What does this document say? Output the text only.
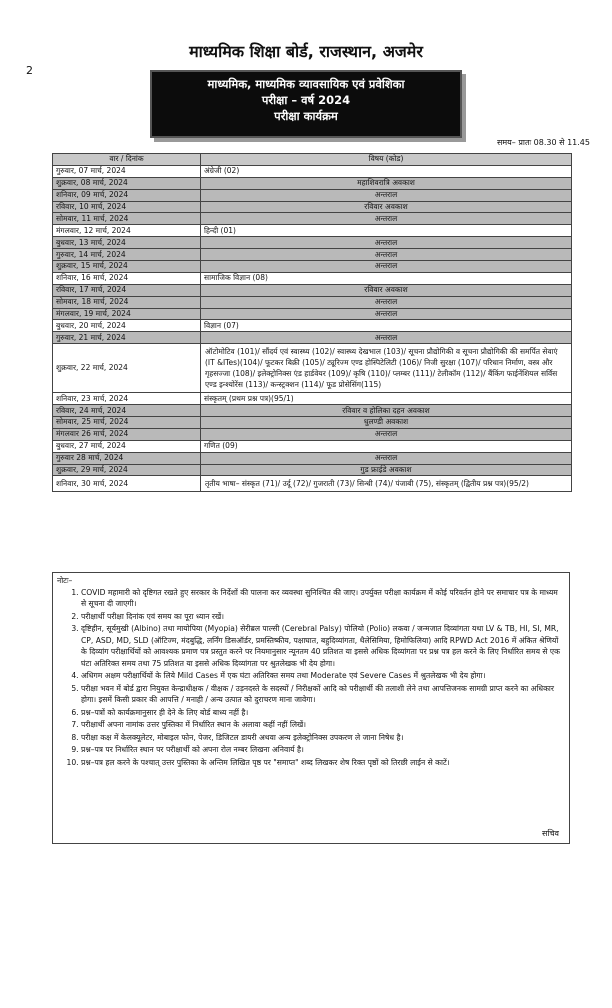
माध्यमिक शिक्षा बोर्ड, राजस्थान, अजमेर
2
माध्यमिक, माध्यमिक व्यावसायिक एवं प्रवेशिका
परीक्षा – वर्ष 2024
परीक्षा कार्यक्रम
समय– प्रातः 08.30 से 11.45
वार / दिनांक	विषय (कोड)
गुरुवार, 07 मार्च, 2024	अंग्रेजी (02)
शुक्रवार, 08 मार्च, 2024	महाशिवरात्रि अवकाश
शनिवार, 09 मार्च, 2024	अन्तराल
रविवार, 10 मार्च, 2024	रविवार अवकाश
सोमवार, 11 मार्च, 2024	अन्तराल
मंगलवार, 12 मार्च, 2024	हिन्दी (01)
बुधवार, 13 मार्च, 2024	अन्तराल
गुरुवार, 14 मार्च, 2024	अन्तराल
शुक्रवार, 15 मार्च, 2024	अन्तराल
शनिवार, 16 मार्च, 2024	सामाजिक विज्ञान (08)
रविवार, 17 मार्च, 2024	रविवार अवकाश
सोमवार, 18 मार्च, 2024	अन्तराल
मंगलवार, 19 मार्च, 2024	अन्तराल
बुधवार, 20 मार्च, 2024	विज्ञान (07)
गुरुवार, 21 मार्च, 2024	अन्तराल
शुक्रवार, 22 मार्च, 2024	ऑटोमोटिव (101)/ सौंदर्य एवं स्वास्थ्य (102)/ स्वास्थ्य देखभाल (103)/ सूचना प्रौद्योगिकी व सूचना प्रौद्योगिकी की समर्पित सेवाएं (IT &ITes)(104)/ फूटकर बिक्री (105)/ ट्यूरिज्म एण्ड होस्पिटेलिटी (106)/ निजी सुरक्षा (107)/ परिधान निर्माण, वस्त्र और गृहसज्जा (108)/ इलेक्ट्रोनिक्स एंड हार्डवेयर (109)/ कृषि (110)/ प्लम्बर (111)/ टेलीकॉम (112)/ बैंकिंग फाईनेंशियल सर्विस एण्ड इन्श्योरेंस (113)/ कन्स्ट्रक्शन (114)/ फूड प्रोसेसिंग(115)
शनिवार, 23 मार्च, 2024	संस्कृतम् (प्रथम प्रश्न पत्र)(95/1)
रविवार, 24 मार्च, 2024	रविवार व होलिका दहन अवकाश
सोमवार, 25 मार्च, 2024	धुलण्डी अवकाश
मंगलवार 26 मार्च, 2024	अन्तराल
बुधवार, 27 मार्च, 2024	गणित (09)
गुरुवार 28 मार्च, 2024	अन्तराल
शुक्रवार, 29 मार्च, 2024	गुड फ्राईडे अवकाश
शनिवार, 30 मार्च, 2024	तृतीय भाषा– संस्कृत (71)/ उर्दू (72)/ गुजराती (73)/ सिन्धी (74)/ पंजाबी (75), संस्कृतम् (द्वितीय प्रश्न पत्र)(95/2)
नोटः–
1. COVID महामारी को दृष्टिगत रखते हुए सरकार के निर्देशों की पालना कर व्यवस्था सुनिश्चित की जाए। उपर्युक्त परीक्षा कार्यक्रम में कोई परिवर्तन होने पर समाचार पत्र के माध्यम से सूचना दी जाएगी।
2. परीक्षार्थी परीक्षा दिनांक एवं समय का पूरा ध्यान रखें।
3. दृष्टिहीन, सूर्यमुखी (Albino) तथा मायोपिया (Myopia) सेरीब्रल पाल्सी (Cerebral Palsy) पोलियो (Polio) लकवा / जन्मजात दिव्यांगता यथा LV & TB, HI, SI, MR, CP, ASD, MD, SLD (ऑटिज्म, मंदबुद्धि, लर्निंग डिसऑर्डर, प्रमस्तिष्कीय, पक्षाघात, बहुदिव्यांगता, थैलेसिमिया, हिमोफिलिया) आदि RPWD Act 2016 में अंकित श्रेणियों के दिव्यांग परीक्षार्थियों को आवश्यक प्रमाण पत्र प्रस्तुत करने पर नियमानुसार न्यूनतम 40 प्रतिशत या इससे अधिक दिव्यांगता पर प्रश्न पत्र हल करने के लिए निर्धारित समय से एक घंटा अतिरिक्त समय तथा 75 प्रतिशत या इससे अधिक दिव्यांगता पर श्रुतलेखक भी देय होगा।
4. अधिगम अक्षम परीक्षार्थियों के लिये Mild Cases में एक घंटा अतिरिक्त समय तथा Moderate एवं Severe Cases में श्रुतलेखक भी देय होगा।
5. परीक्षा भवन में बोर्ड द्वारा नियुक्त केन्द्राधीक्षक / वीक्षक / उड़नदस्ते के सदस्यों / निरीक्षकों आदि को परीक्षार्थी की तलाशी लेने तथा आपत्तिजनक सामग्री प्राप्त करने का अधिकार होगा। इसमें किसी प्रकार की आपत्ति / मनाही / अन्य उत्पात को दुराचरण माना जावेगा।
6. प्रश्न–पत्रों को कार्यक्रमानुसार ही देने के लिए बोर्ड बाध्य नहीं है।
7. परीक्षार्थी अपना नामांक उत्तर पुस्तिका में निर्धारित स्थान के अलावा कहीं नहीं लिखें।
8. परीक्षा कक्ष में केलक्यूलेटर, मोबाइल फोन, पेजर, डिजिटल डायरी अथवा अन्य इलेक्ट्रोनिक्स उपकरण ले जाना निषेध है।
9. प्रश्न–पत्र पर निर्धारित स्थान पर परीक्षार्थी को अपना रोल नम्बर लिखना अनिवार्य है।
10. प्रश्न–पत्र हल करने के पश्चात् उत्तर पुस्तिका के अन्तिम लिखित पृष्ठ पर "समाप्त" शब्द लिखकर शेष रिक्त पृष्ठों को तिरछी लाईन से काटें।
सचिव
